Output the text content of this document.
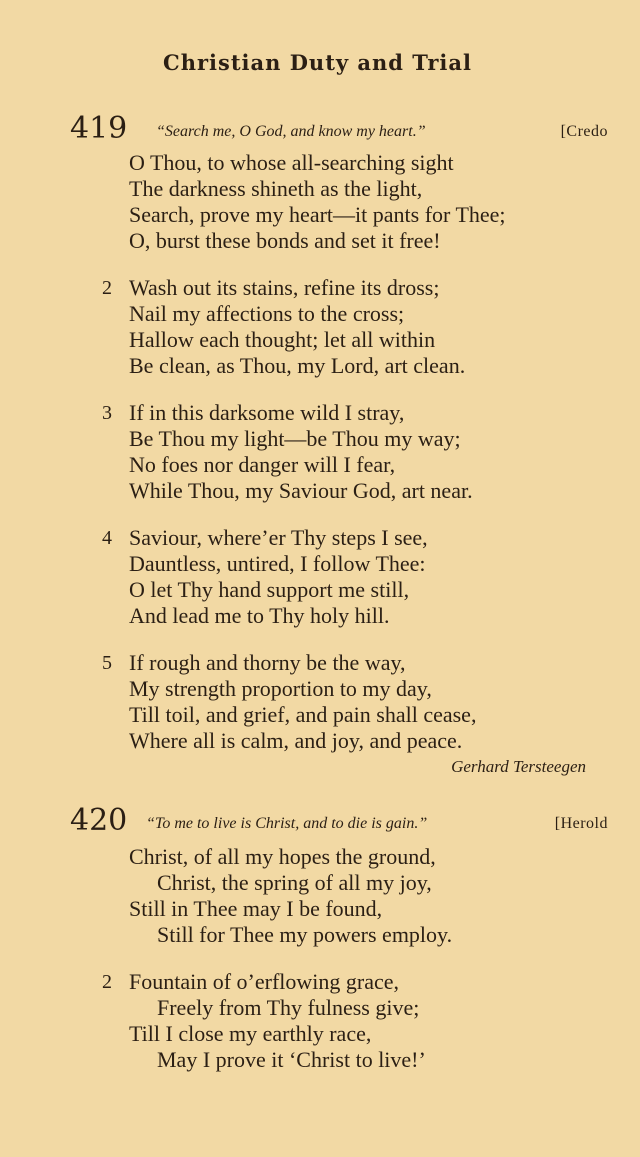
Christian Duty and Trial
419 “Search me, O God, and know my heart.”	[Credo
O Thou, to whose all-searching sight
The darkness shineth as the light,
Search, prove my heart—it pants for Thee;
O, burst these bonds and set it free!
2 Wash out its stains, refine its dross;
Nail my affections to the cross;
Hallow each thought; let all within
Be clean, as Thou, my Lord, art clean.
3 If in this darksome wild I stray,
Be Thou my light—be Thou my way;
No foes nor danger will I fear,
While Thou, my Saviour God, art near.
4 Saviour, where’er Thy steps I see,
Dauntless, untired, I follow Thee:
O let Thy hand support me still,
And lead me to Thy holy hill.
5 If rough and thorny be the way,
My strength proportion to my day,
Till toil, and grief, and pain shall cease,
Where all is calm, and joy, and peace.
Gerhard Tersteegen
420 “To me to live is Christ, and to die is gain.”	[Herold
Christ, of all my hopes the ground,
Christ, the spring of all my joy,
Still in Thee may I be found,
Still for Thee my powers employ.
2 Fountain of o’erflowing grace,
Freely from Thy fulness give;
Till I close my earthly race,
May I prove it ‘Christ to live!’
